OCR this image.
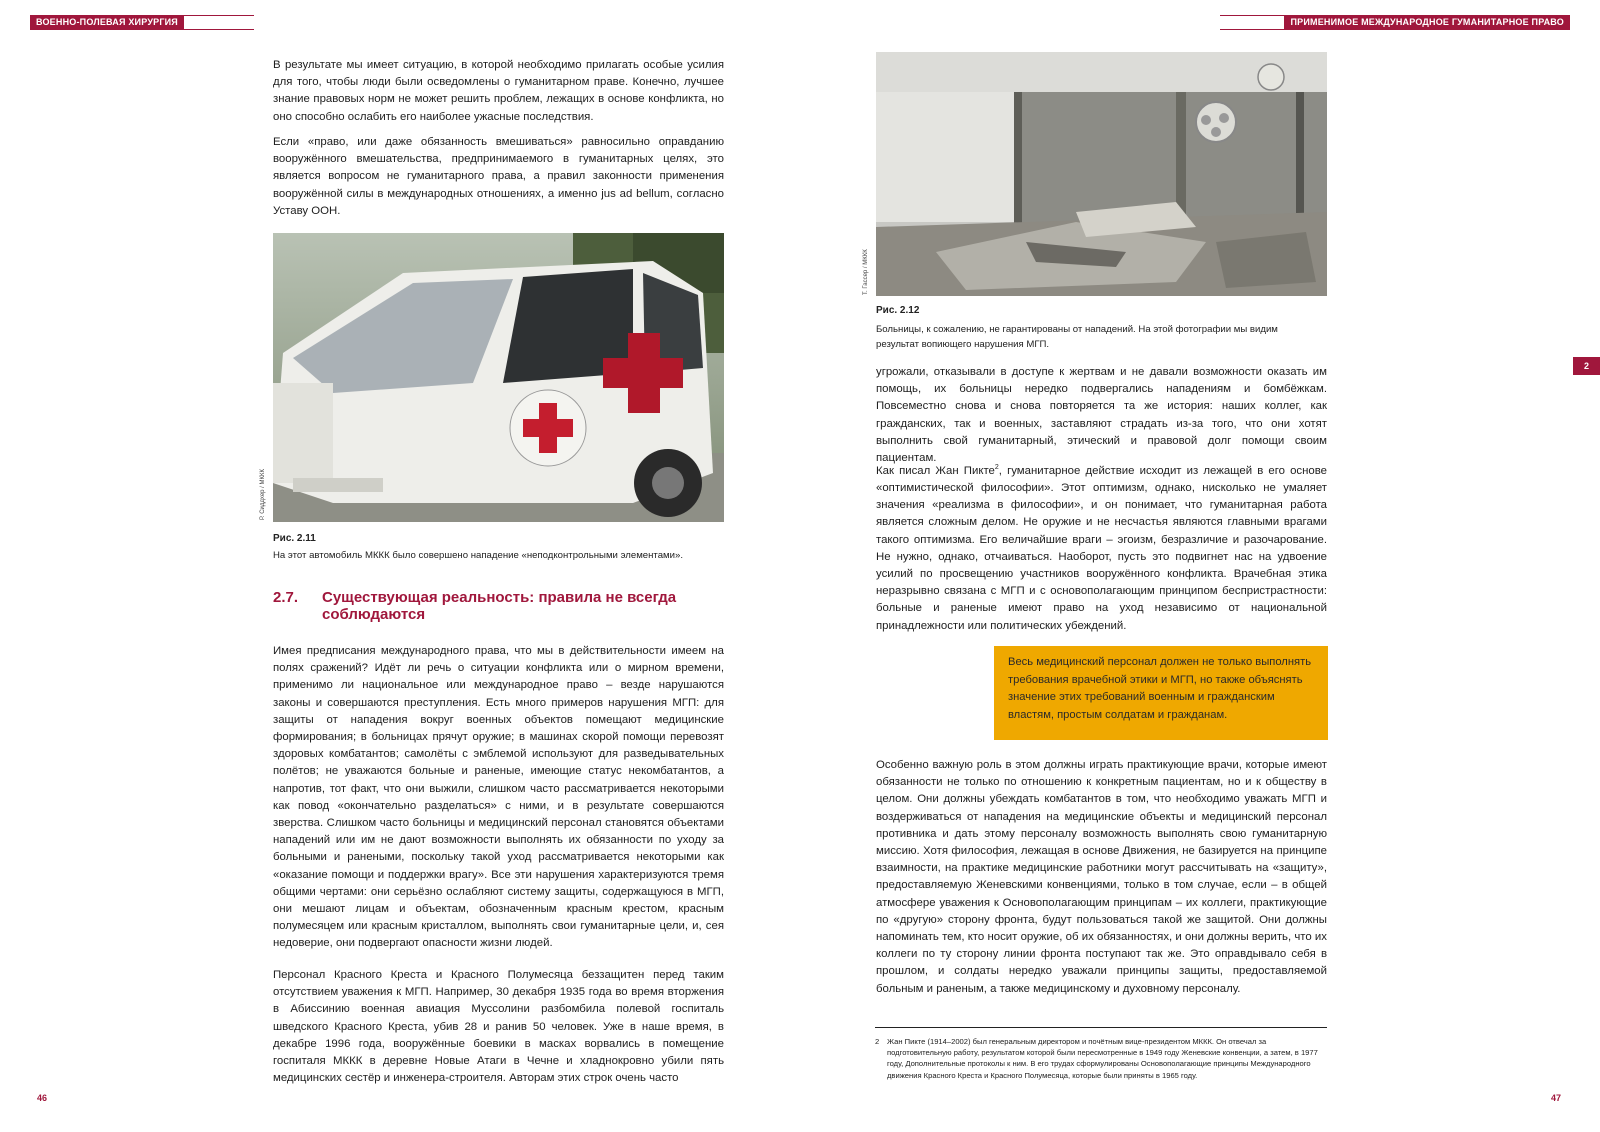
ВОЕННО-ПОЛЕВАЯ ХИРУРГИЯ	ПРИМЕНИМОЕ МЕЖДУНАРОДНОЕ ГУМАНИТАРНОЕ ПРАВО

В результате мы имеет ситуацию, в которой необходимо прилагать особые усилия для того, чтобы люди были осведомлены о гуманитарном праве. Конечно, лучшее знание правовых норм не может решить проблем, лежащих в основе конфликта, но оно способно ослабить его наиболее ужасные последствия.

Если «право, или даже обязанность вмешиваться» равносильно оправданию вооружённого вмешательства, предпринимаемого в гуманитарных целях, это является вопросом не гуманитарного права, а правил законности применения вооружённой силы в международных отношениях, а именно jus ad bellum, согласно Уставу ООН.

Р. Сиддхер / МККК
Рис. 2.11
На этот автомобиль МККК было совершено нападение «неподконтрольными элементами».
2.7. Существующая реальность: правила не всегда соблюдаются

Имея предписания международного права, что мы в действительности имеем на полях сражений? Идёт ли речь о ситуации конфликта или о мирном времени, применимо ли национальное или международное право – везде нарушаются законы и совершаются преступления. Есть много примеров нарушения МГП: для защиты от нападения вокруг военных объектов помещают медицинские формирования; в больницах прячут оружие; в машинах скорой помощи перевозят здоровых комбатантов; самолёты с эмблемой используют для разведывательных полётов; не уважаются больные и раненые, имеющие статус некомбатантов, а напротив, тот факт, что они выжили, слишком часто рассматривается некоторыми как повод «окончательно разделаться» с ними, и в результате совершаются зверства. Слишком часто больницы и медицинский персонал становятся объектами нападений или им не дают возможности выполнять их обязанности по уходу за больными и ранеными, поскольку такой уход рассматривается некоторыми как «оказание помощи и поддержки врагу». Все эти нарушения характеризуются тремя общими чертами: они серьёзно ослабляют систему защиты, содержащуюся в МГП, они мешают лицам и объектам, обозначенным красным крестом, красным полумесяцем или красным кристаллом, выполнять свои гуманитарные цели, и, сея недоверие, они подвергают опасности жизни людей.

Персонал Красного Креста и Красного Полумесяца беззащитен перед таким отсутствием уважения к МГП. Например, 30 декабря 1935 года во время вторжения в Абиссинию военная авиация Муссолини разбомбила полевой госпиталь шведского Красного Креста, убив 28 и ранив 50 человек. Уже в наше время, в декабре 1996 года, вооружённые боевики в масках ворвались в помещение госпиталя МККК в деревне Новые Атаги в Чечне и хладнокровно убили пять медицинских сестёр и инженера-строителя. Авторам этих строк очень часто

46
Т. Гассер / МККК
Рис. 2.12
Больницы, к сожалению, не гарантированы от нападений. На этой фотографии мы видим результат вопиющего нарушения МГП.

угрожали, отказывали в доступе к жертвам и не давали возможности оказать им помощь, их больницы нередко подвергались нападениям и бомбёжкам. Повсеместно снова и снова повторяется та же история: наших коллег, как гражданских, так и военных, заставляют страдать из-за того, что они хотят выполнить свой гуманитарный, этический и правовой долг помощи своим пациентам.

Как писал Жан Пикте$^2$, гуманитарное действие исходит из лежащей в его основе «оптимистической философии». Этот оптимизм, однако, нисколько не умаляет значения «реализма в философии», и он понимает, что гуманитарная работа является сложным делом. Не оружие и не несчастья являются главными врагами такого оптимизма. Его величайшие враги – эгоизм, безразличие и разочарование. Не нужно, однако, отчаиваться. Наоборот, пусть это подвигнет нас на удвоение усилий по просвещению участников вооружённого конфликта. Врачебная этика неразрывно связана с МГП и с основополагающим принципом беспристрастности: больные и раненые имеют право на уход независимо от национальной принадлежности или политических убеждений.

Весь медицинский персонал должен не только выполнять требования врачебной этики и МГП, но также объяснять значение этих требований военным и гражданским властям, простым солдатам и гражданам.

Особенно важную роль в этом должны играть практикующие врачи, которые имеют обязанности не только по отношению к конкретным пациентам, но и к обществу в целом. Они должны убеждать комбатантов в том, что необходимо уважать МГП и воздерживаться от нападения на медицинские объекты и медицинский персонал противника и дать этому персоналу возможность выполнять свою гуманитарную миссию. Хотя философия, лежащая в основе Движения, не базируется на принципе взаимности, на практике медицинские работники могут рассчитывать на «защиту», предоставляемую Женевскими конвенциями, только в том случае, если – в общей атмосфере уважения к Основополагающим принципам – их коллеги, практикующие по «другую» сторону фронта, будут пользоваться такой же защитой. Они должны напоминать тем, кто носит оружие, об их обязанностях, и они должны верить, что их коллеги по ту сторону линии фронта поступают так же. Это оправдывало себя в прошлом, и солдаты нередко уважали принципы защиты, предоставляемой больным и раненым, а также медицинскому и духовному персоналу.

2 Жан Пикте (1914–2002) был генеральным директором и почётным вице-президентом МККК. Он отвечал за подготовительную работу, результатом которой были пересмотренные в 1949 году Женевские конвенции, а затем, в 1977 году, Дополнительные протоколы к ним. В его трудах сформулированы Основополагающие принципы Международного движения Красного Креста и Красного Полумесяца, которые были приняты в 1965 году.
2
47
